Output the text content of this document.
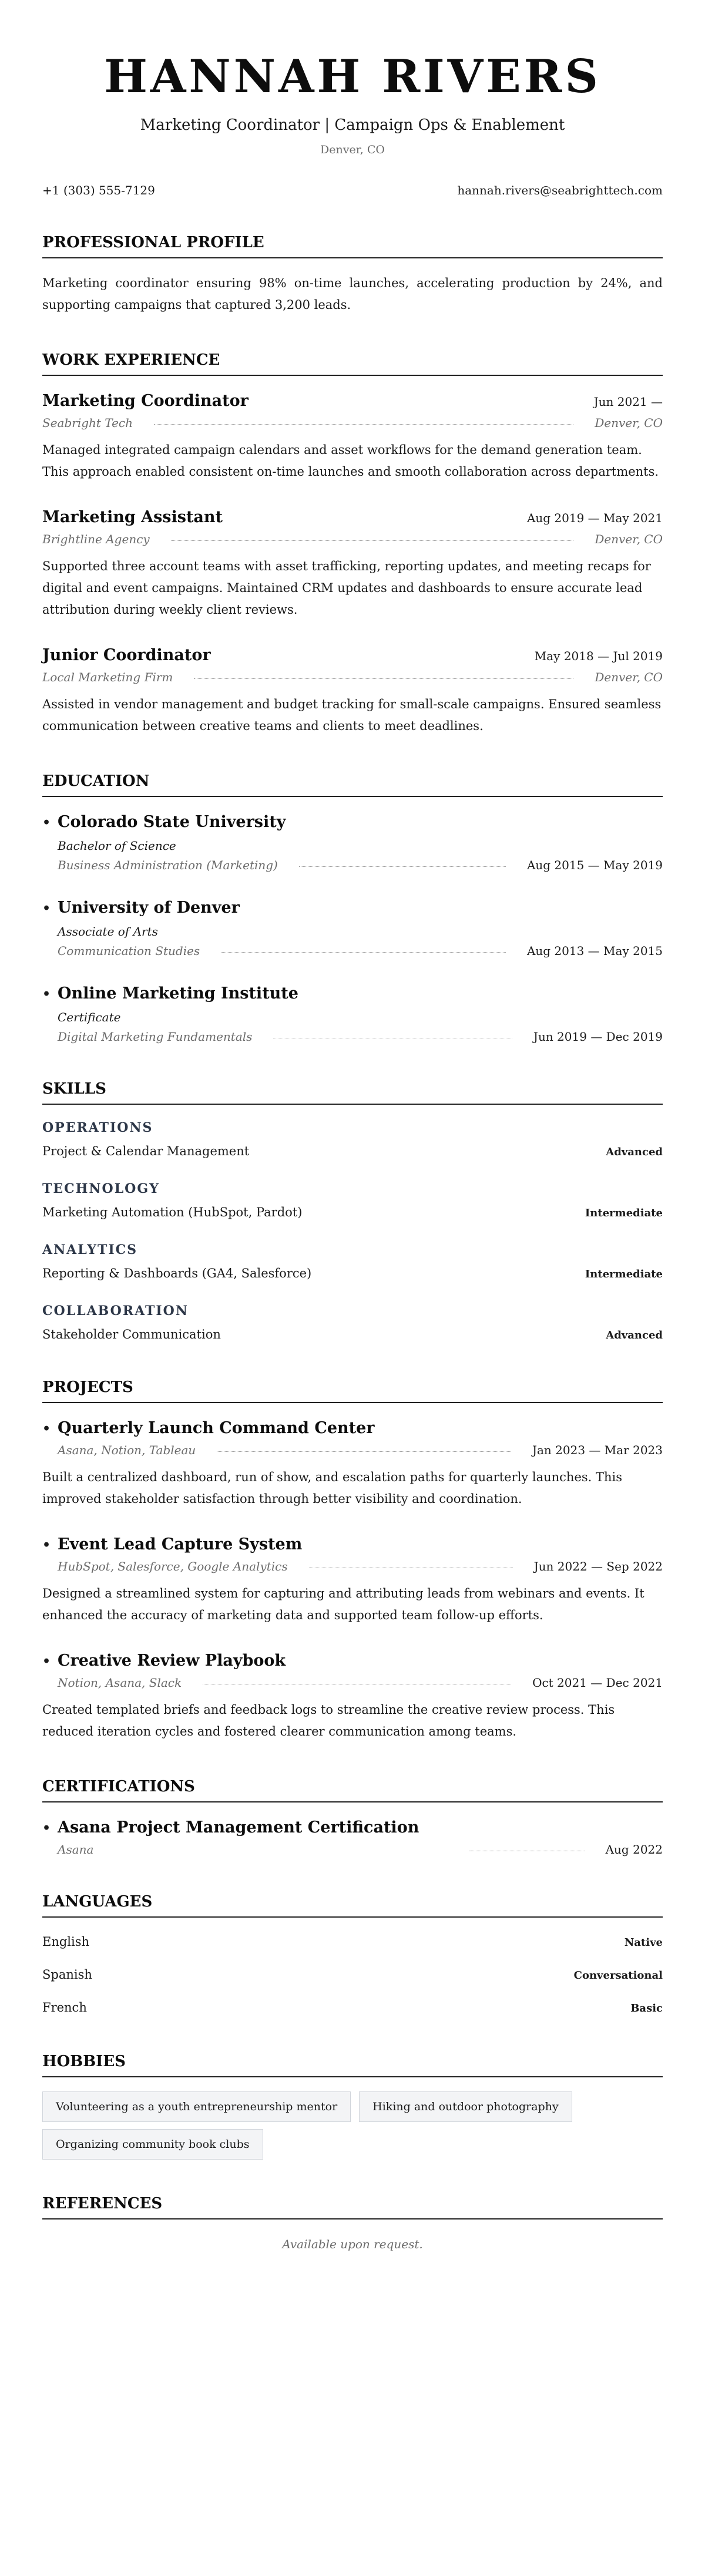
HANNAH RIVERS
Marketing Coordinator | Campaign Ops & Enablement
Denver, CO
+1 (303) 555-7129	hannah.rivers@seabrighttech.com
PROFESSIONAL PROFILE

Marketing coordinator ensuring 98% on-time launches, accelerating production by 24%, and supporting campaigns that captured 3,200 leads.

WORK EXPERIENCE
Marketing Coordinator	Jun 2021 —
Seabright Tech	Denver, CO

Managed integrated campaign calendars and asset workflows for the demand generation team. This approach enabled consistent on-time launches and smooth collaboration across departments.

Marketing Assistant	Aug 2019 — May 2021
Brightline Agency	Denver, CO

Supported three account teams with asset trafficking, reporting updates, and meeting recaps for digital and event campaigns. Maintained CRM updates and dashboards to ensure accurate lead attribution during weekly client reviews.

Junior Coordinator	May 2018 — Jul 2019
Local Marketing Firm	Denver, CO

Assisted in vendor management and budget tracking for small-scale campaigns. Ensured seamless communication between creative teams and clients to meet deadlines.

EDUCATION
• Colorado State University
Bachelor of Science
Business Administration (Marketing)	Aug 2015 — May 2019
• University of Denver
Associate of Arts
Communication Studies	Aug 2013 — May 2015
• Online Marketing Institute
Certificate
Digital Marketing Fundamentals	Jun 2019 — Dec 2019
SKILLS
OPERATIONS
Project & Calendar Management	Advanced
TECHNOLOGY
Marketing Automation (HubSpot, Pardot)	Intermediate
ANALYTICS
Reporting & Dashboards (GA4, Salesforce)	Intermediate
COLLABORATION
Stakeholder Communication	Advanced
PROJECTS
• Quarterly Launch Command Center
Asana, Notion, Tableau	Jan 2023 — Mar 2023

Built a centralized dashboard, run of show, and escalation paths for quarterly launches. This improved stakeholder satisfaction through better visibility and coordination.

• Event Lead Capture System
HubSpot, Salesforce, Google Analytics	Jun 2022 — Sep 2022

Designed a streamlined system for capturing and attributing leads from webinars and events. It enhanced the accuracy of marketing data and supported team follow-up efforts.

• Creative Review Playbook
Notion, Asana, Slack	Oct 2021 — Dec 2021

Created templated briefs and feedback logs to streamline the creative review process. This reduced iteration cycles and fostered clearer communication among teams.

CERTIFICATIONS
• Asana Project Management Certification
Asana	Aug 2022
LANGUAGES
English	Native
Spanish	Conversational
French	Basic
HOBBIES
Volunteering as a youth entrepreneurship mentor	Hiking and outdoor photography
Organizing community book clubs
REFERENCES
Available upon request.
